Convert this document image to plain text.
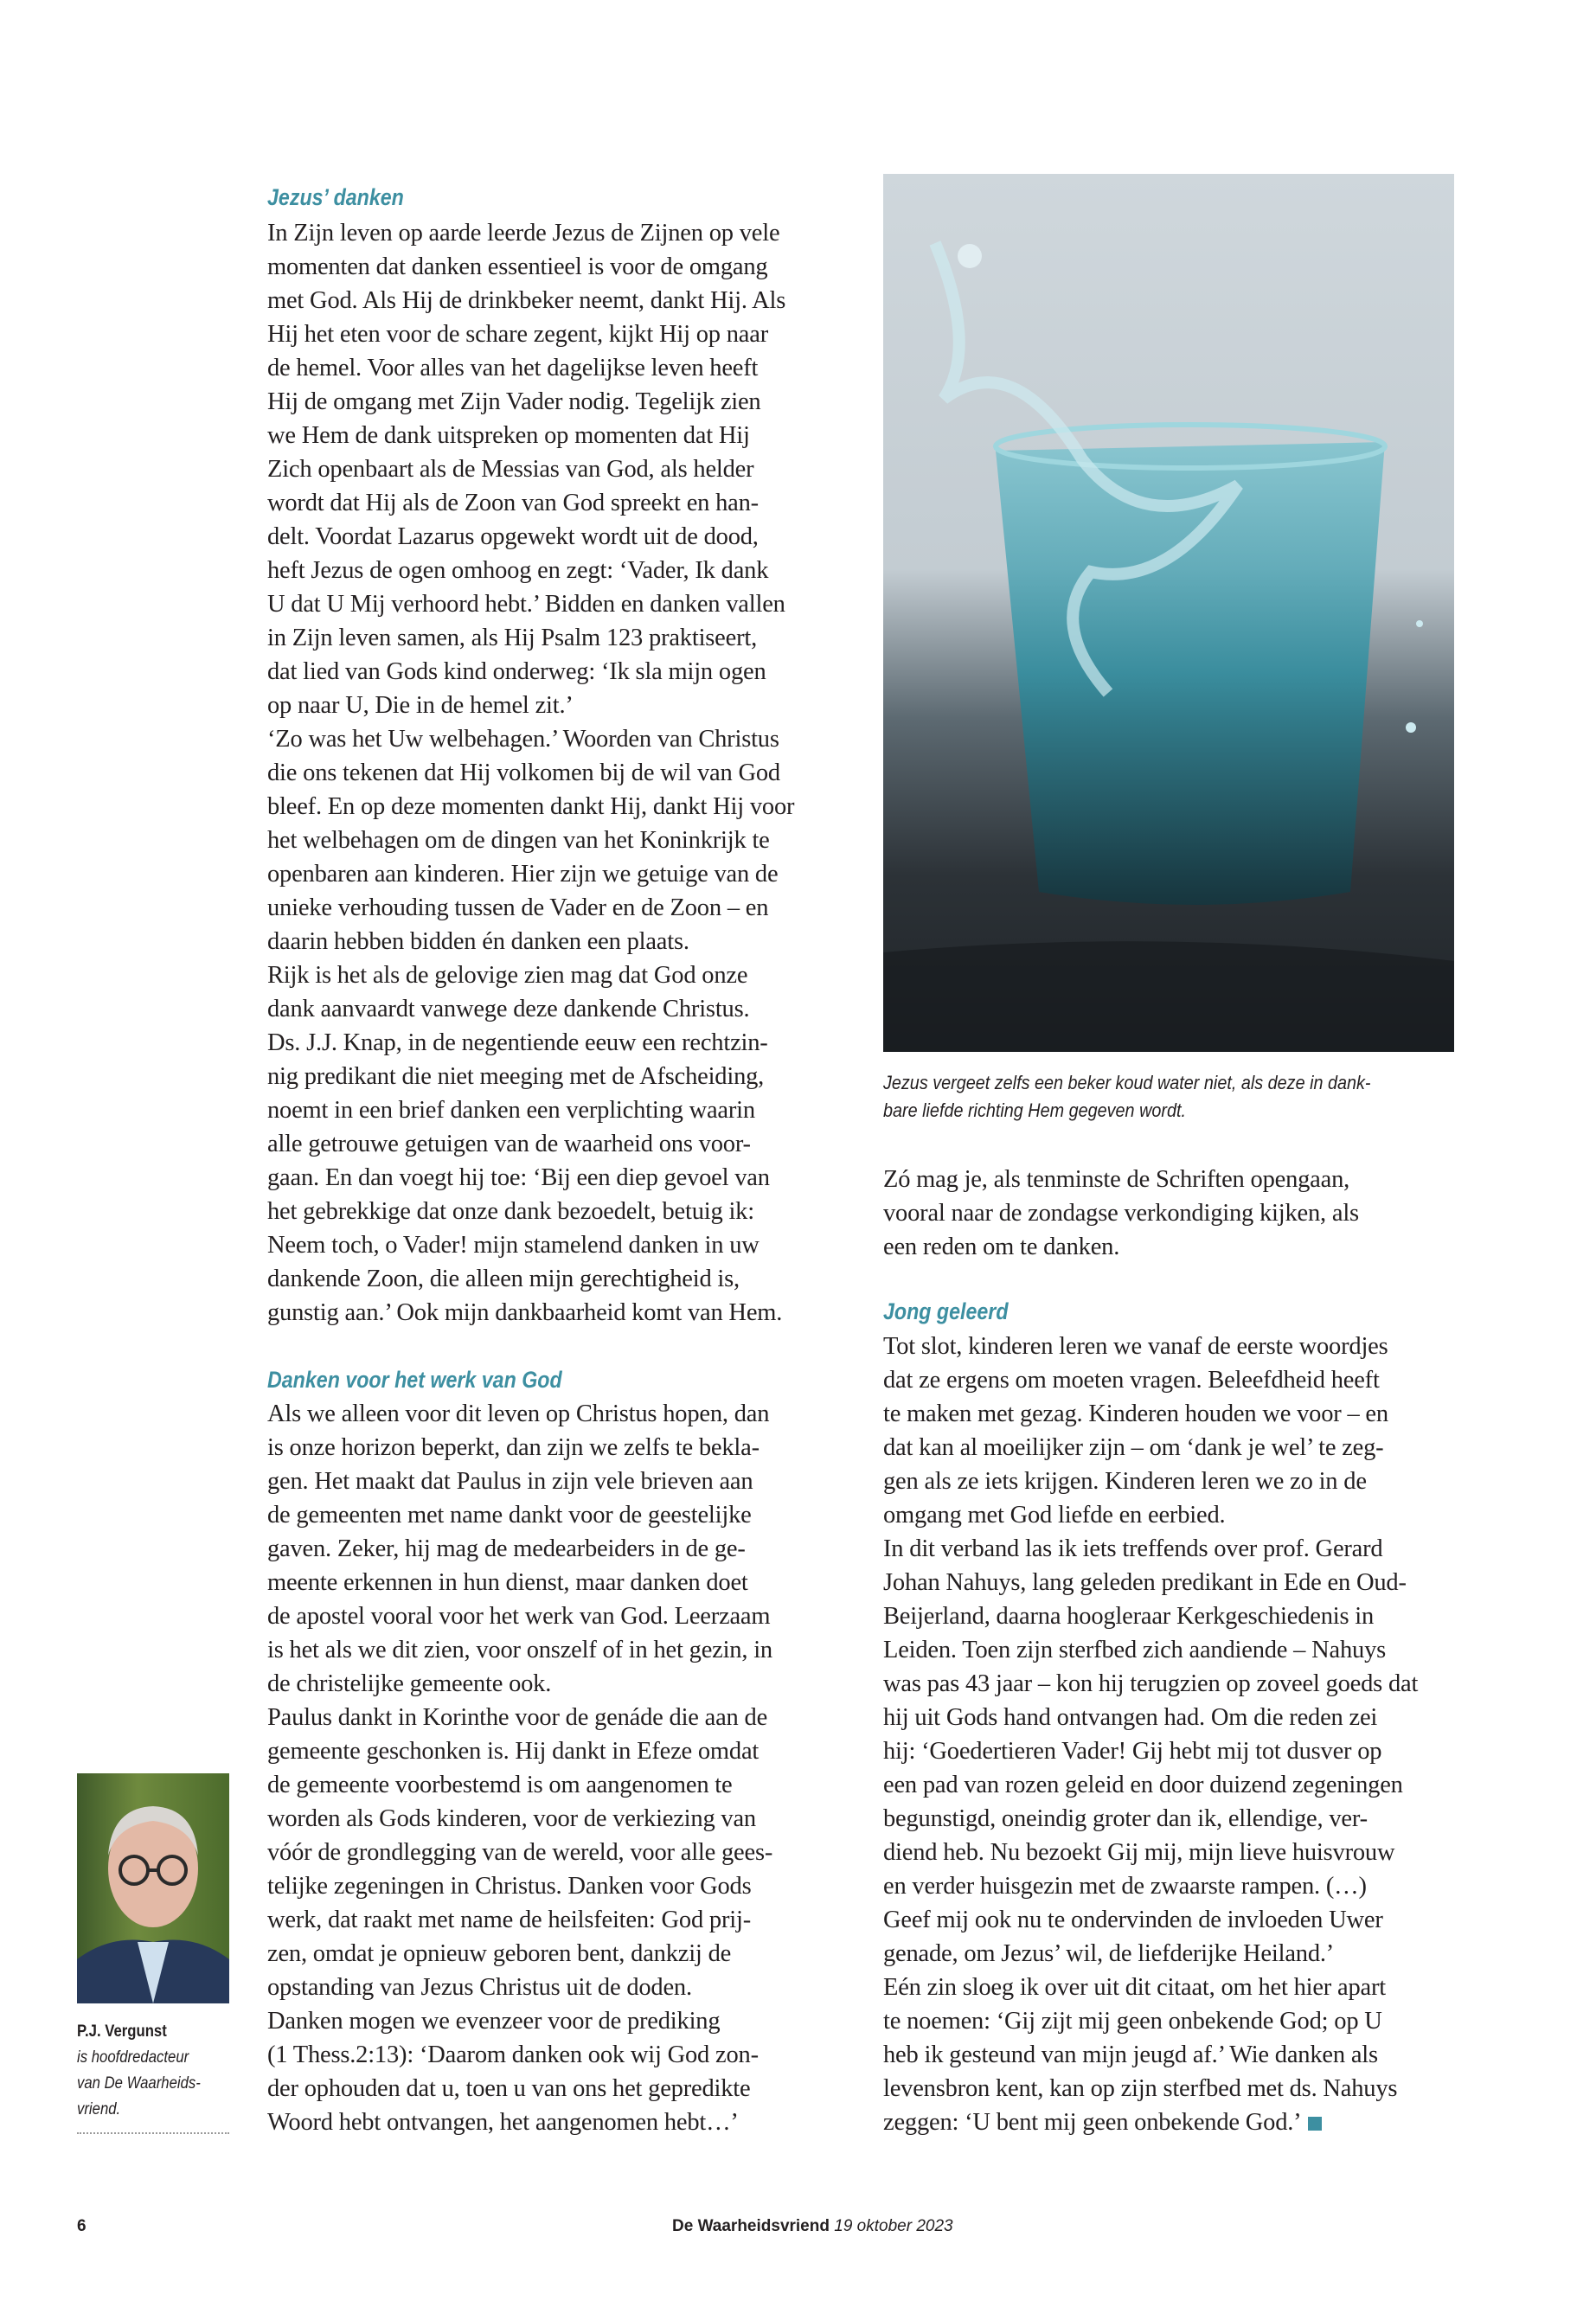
Jezus’ danken
In Zijn leven op aarde leerde Jezus de Zijnen op vele
momenten dat danken essentieel is voor de omgang
met God. Als Hij de drinkbeker neemt, dankt Hij. Als
Hij het eten voor de schare zegent, kijkt Hij op naar
de hemel. Voor alles van het dagelijkse leven heeft
Hij de omgang met Zijn Vader nodig. Tegelijk zien
we Hem de dank uitspreken op momenten dat Hij
Zich openbaart als de Messias van God, als helder
wordt dat Hij als de Zoon van God spreekt en han-
delt. Voordat Lazarus opgewekt wordt uit de dood,
heft Jezus de ogen omhoog en zegt: ‘Vader, Ik dank
U dat U Mij verhoord hebt.’ Bidden en danken vallen
in Zijn leven samen, als Hij Psalm 123 praktiseert,
dat lied van Gods kind onderweg: ‘Ik sla mijn ogen
op naar U, Die in de hemel zit.’
‘Zo was het Uw welbehagen.’ Woorden van Christus
die ons tekenen dat Hij volkomen bij de wil van God
bleef. En op deze momenten dankt Hij, dankt Hij voor
het welbehagen om de dingen van het Koninkrijk te
openbaren aan kinderen. Hier zijn we getuige van de
unieke verhouding tussen de Vader en de Zoon – en
daarin hebben bidden én danken een plaats.
Rijk is het als de gelovige zien mag dat God onze
dank aanvaardt vanwege deze dankende Christus.
Ds. J.J. Knap, in de negentiende eeuw een rechtzin-
nig predikant die niet meeging met de Afscheiding,
noemt in een brief danken een verplichting waarin
alle getrouwe getuigen van de waarheid ons voor-
gaan. En dan voegt hij toe: ‘Bij een diep gevoel van
het gebrekkige dat onze dank bezoedelt, betuig ik:
Neem toch, o Vader! mijn stamelend danken in uw
dankende Zoon, die alleen mijn gerechtigheid is,
gunstig aan.’ Ook mijn dankbaarheid komt van Hem.
Danken voor het werk van God
Als we alleen voor dit leven op Christus hopen, dan
is onze horizon beperkt, dan zijn we zelfs te bekla-
gen. Het maakt dat Paulus in zijn vele brieven aan
de gemeenten met name dankt voor de geestelijke
gaven. Zeker, hij mag de medearbeiders in de ge-
meente erkennen in hun dienst, maar danken doet
de apostel vooral voor het werk van God. Leerzaam
is het als we dit zien, voor onszelf of in het gezin, in
de christelijke gemeente ook.
Paulus dankt in Korinthe voor de genáde die aan de
gemeente geschonken is. Hij dankt in Efeze omdat
de gemeente voorbestemd is om aangenomen te
worden als Gods kinderen, voor de verkiezing van
vóór de grondlegging van de wereld, voor alle gees-
telijke zegeningen in Christus. Danken voor Gods
werk, dat raakt met name de heilsfeiten: God prij-
zen, omdat je opnieuw geboren bent, dankzij de
opstanding van Jezus Christus uit de doden.
Danken mogen we evenzeer voor de prediking
(1 Thess.2:13): ‘Daarom danken ook wij God zon-
der ophouden dat u, toen u van ons het gepredikte
Woord hebt ontvangen, het aangenomen hebt…’
Jezus vergeet zelfs een beker koud water niet, als deze in dank-
bare liefde richting Hem gegeven wordt.
Zó mag je, als tenminste de Schriften opengaan,
vooral naar de zondagse verkondiging kijken, als
een reden om te danken.
Jong geleerd
Tot slot, kinderen leren we vanaf de eerste woordjes
dat ze ergens om moeten vragen. Beleefdheid heeft
te maken met gezag. Kinderen houden we voor – en
dat kan al moeilijker zijn – om ‘dank je wel’ te zeg-
gen als ze iets krijgen. Kinderen leren we zo in de
omgang met God liefde en eerbied.
In dit verband las ik iets treffends over prof. Gerard
Johan Nahuys, lang geleden predikant in Ede en Oud-
Beijerland, daarna hoogleraar Kerkgeschiedenis in
Leiden. Toen zijn sterfbed zich aandiende – Nahuys
was pas 43 jaar – kon hij terugzien op zoveel goeds dat
hij uit Gods hand ontvangen had. Om die reden zei
hij: ‘Goedertieren Vader! Gij hebt mij tot dusver op
een pad van rozen geleid en door duizend zegeningen
begunstigd, oneindig groter dan ik, ellendige, ver-
diend heb. Nu bezoekt Gij mij, mijn lieve huisvrouw
en verder huisgezin met de zwaarste rampen. (…)
Geef mij ook nu te ondervinden de invloeden Uwer
genade, om Jezus’ wil, de liefderijke Heiland.’
Eén zin sloeg ik over uit dit citaat, om het hier apart
te noemen: ‘Gij zijt mij geen onbekende God; op U
heb ik gesteund van mijn jeugd af.’ Wie danken als
levensbron kent, kan op zijn sterfbed met ds. Nahuys
zeggen: ‘U bent mij geen onbekende God.’
P.J. Vergunst
is hoofdredacteur
van De Waarheids-
vriend.
6	De Waarheidsvriend 19 oktober 2023
